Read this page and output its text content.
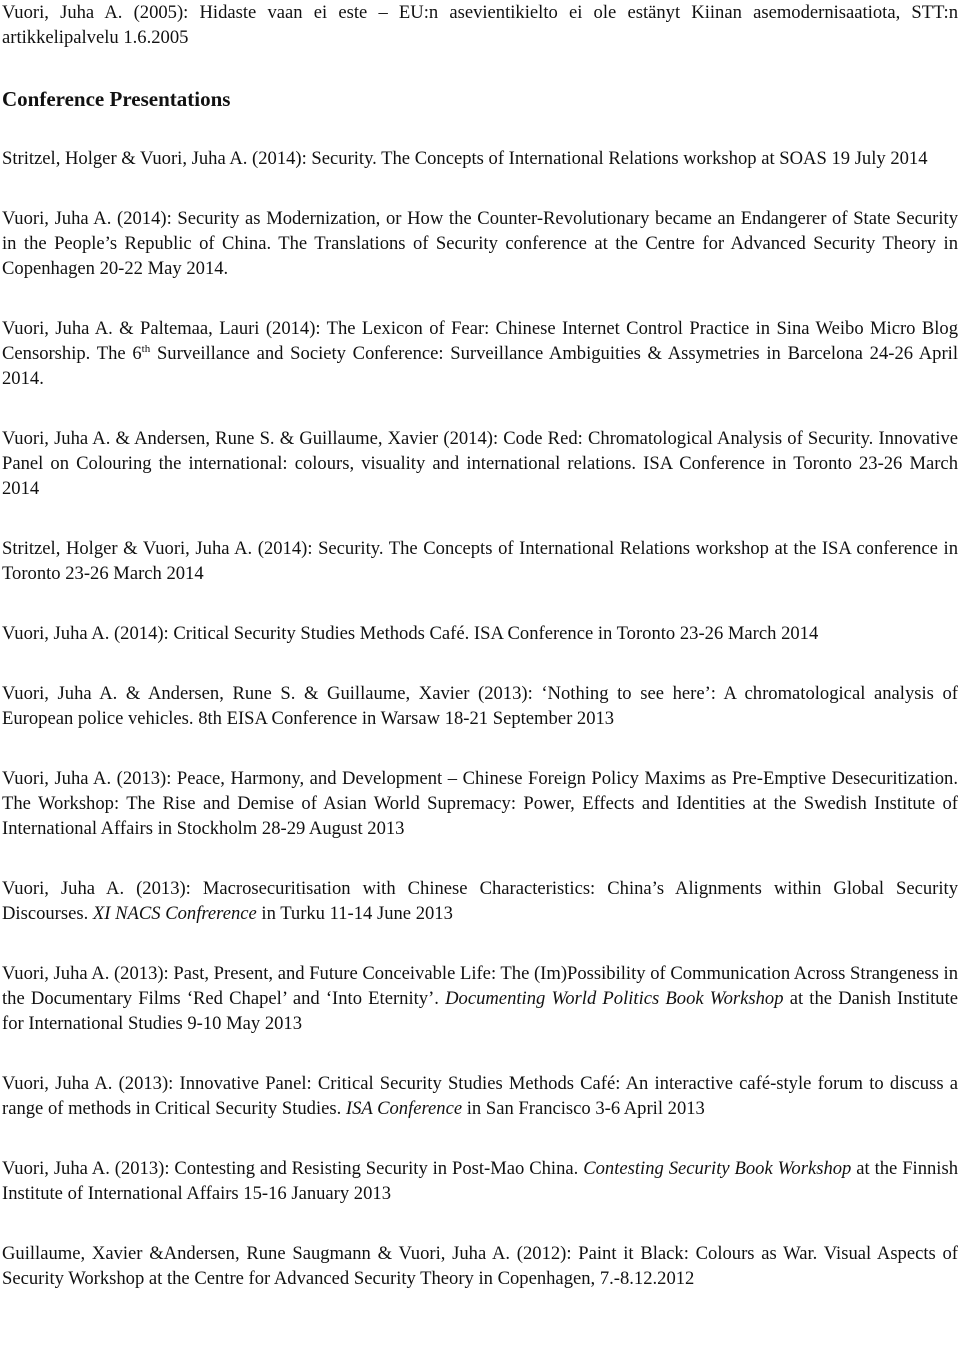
Vuori, Juha A. (2005): Hidaste vaan ei este – EU:n asevientikielto ei ole estänyt Kiinan asemodernisaatiota, STT:n artikkelipalvelu 1.6.2005

Conference Presentations

Stritzel, Holger & Vuori, Juha A. (2014): Security. The Concepts of International Relations workshop at SOAS 19 July 2014

Vuori, Juha A. (2014): Security as Modernization, or How the Counter-Revolutionary became an Endangerer of State Security in the People’s Republic of China. The Translations of Security conference at the Centre for Advanced Security Theory in Copenhagen 20-22 May 2014.

Vuori, Juha A. & Paltemaa, Lauri (2014): The Lexicon of Fear: Chinese Internet Control Practice in Sina Weibo Micro Blog Censorship. The 6th Surveillance and Society Conference: Surveillance Ambiguities & Assymetries in Barcelona 24-26 April 2014.

Vuori, Juha A. & Andersen, Rune S. & Guillaume, Xavier (2014): Code Red: Chromatological Analysis of Security. Innovative Panel on Colouring the international: colours, visuality and international relations. ISA Conference in Toronto 23-26 March 2014

Stritzel, Holger & Vuori, Juha A. (2014): Security. The Concepts of International Relations workshop at the ISA conference in Toronto 23-26 March 2014

Vuori, Juha A. (2014): Critical Security Studies Methods Café. ISA Conference in Toronto 23-26 March 2014

Vuori, Juha A. & Andersen, Rune S. & Guillaume, Xavier (2013): ‘Nothing to see here’: A chromatological analysis of European police vehicles. 8th EISA Conference in Warsaw 18-21 September 2013

Vuori, Juha A. (2013): Peace, Harmony, and Development – Chinese Foreign Policy Maxims as Pre-Emptive Desecuritization. The Workshop: The Rise and Demise of Asian World Supremacy: Power, Effects and Identities at the Swedish Institute of International Affairs in Stockholm 28-29 August 2013

Vuori, Juha A. (2013): Macrosecuritisation with Chinese Characteristics: China’s Alignments within Global Security Discourses. XI NACS Confrerence in Turku 11-14 June 2013

Vuori, Juha A. (2013): Past, Present, and Future Conceivable Life: The (Im)Possibility of Communication Across Strangeness in the Documentary Films ‘Red Chapel’ and ‘Into Eternity’. Documenting World Politics Book Workshop at the Danish Institute for International Studies 9-10 May 2013

Vuori, Juha A. (2013): Innovative Panel: Critical Security Studies Methods Café: An interactive café-style forum to discuss a range of methods in Critical Security Studies. ISA Conference in San Francisco 3-6 April 2013

Vuori, Juha A. (2013): Contesting and Resisting Security in Post-Mao China. Contesting Security Book Workshop at the Finnish Institute of International Affairs 15-16 January 2013

Guillaume, Xavier &Andersen, Rune Saugmann & Vuori, Juha A. (2012): Paint it Black: Colours as War. Visual Aspects of Security Workshop at the Centre for Advanced Security Theory in Copenhagen, 7.-8.12.2012
